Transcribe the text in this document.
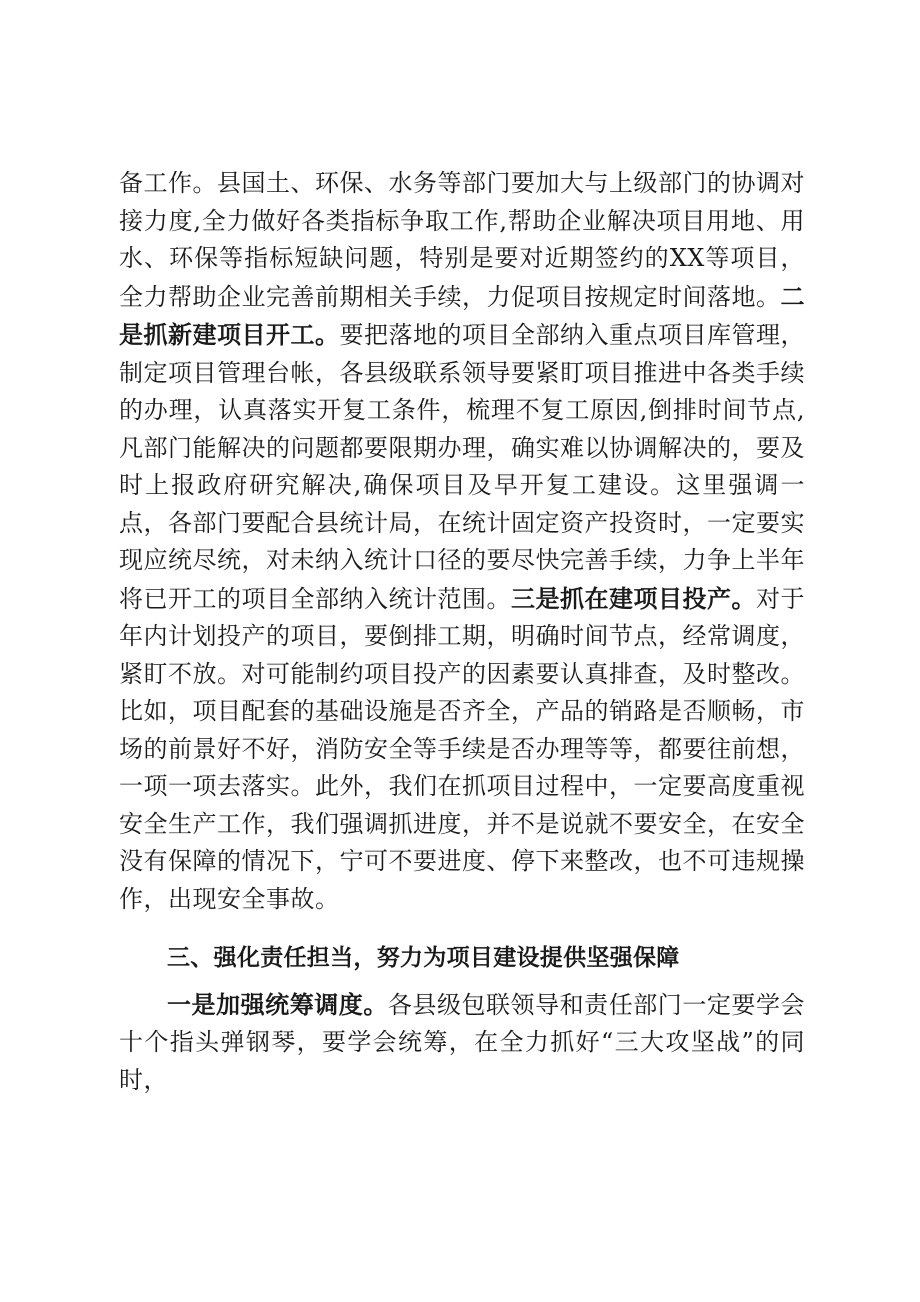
备工作。县国土、环保、水务等部门要加大与上级部门的协调对接力度,全力做好各类指标争取工作,帮助企业解决项目用地、用水、环保等指标短缺问题，特别是要对近期签约的XX等项目，全力帮助企业完善前期相关手续，力促项目按规定时间落地。二是抓新建项目开工。要把落地的项目全部纳入重点项目库管理，制定项目管理台帐，各县级联系领导要紧盯项目推进中各类手续的办理，认真落实开复工条件，梳理不复工原因,倒排时间节点,凡部门能解决的问题都要限期办理，确实难以协调解决的，要及时上报政府研究解决,确保项目及早开复工建设。这里强调一点，各部门要配合县统计局，在统计固定资产投资时，一定要实现应统尽统，对未纳入统计口径的要尽快完善手续，力争上半年将已开工的项目全部纳入统计范围。三是抓在建项目投产。对于年内计划投产的项目，要倒排工期，明确时间节点，经常调度，紧盯不放。对可能制约项目投产的因素要认真排查，及时整改。比如，项目配套的基础设施是否齐全，产品的销路是否顺畅，市场的前景好不好，消防安全等手续是否办理等等，都要往前想，一项一项去落实。此外，我们在抓项目过程中，一定要高度重视安全生产工作，我们强调抓进度，并不是说就不要安全，在安全没有保障的情况下，宁可不要进度、停下来整改，也不可违规操作，出现安全事故。

三、强化责任担当，努力为项目建设提供坚强保障

一是加强统筹调度。各县级包联领导和责任部门一定要学会十个指头弹钢琴，要学会统筹，在全力抓好“三大攻坚战”的同时，
